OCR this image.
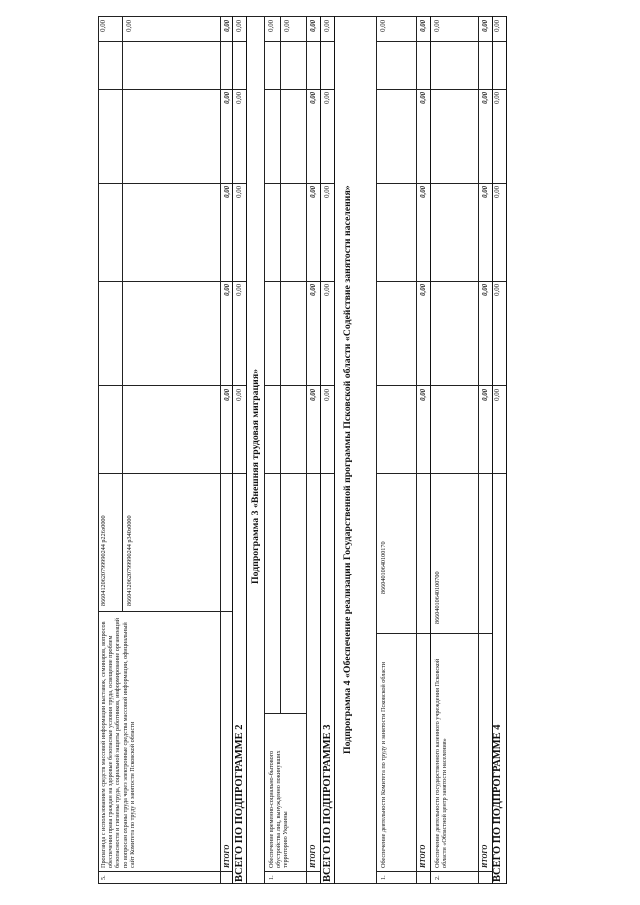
5.
Пропаганда с использованием средств массовой информации выставок, семинаров, вопросов обеспечения права граждан на здоровые безопасные условия труда, освещение проблем безопасности и гигиены труда, социальной защиты работников, информирование организаций по вопросам охраны труда через электронные средства массовой информации, официальный сайт Комитета по труду и занятости Псковской области
86604120620799990244 р226з0000	86604120620799990244 р340з0000
0,00	0,00
ИТОГО
0,00
0,00
0,00
0,00
0,00
ВСЕГО ПО ПОДПРОГРАММЕ 2
0,00
0,00
0,00
0,00
0,00
Подпрограмма 3 «Внешняя трудовая миграция»
1.
Обеспечение временно-социально-бытового обустройства лиц, вынужденно покинувших территорию Украины
0,00 0,00
ИТОГО
0,00
0,00
0,00
0,00
0,00
ВСЕГО ПО ПОДПРОГРАММЕ 3
0,00
0,00
0,00
0,00
0,00
Подпрограмма 4 «Обеспечение реализации Государственной программы Псковской области «Содействие занятости населения»
1.
Обеспечение деятельности Комитета по труду и занятости Псковской области
86604010640100170
0,00
ИТОГО
0,00
0,00
0,00
0,00
0,00
2.
Обеспечение деятельности государственного казенного учреждения Псковской области «Областной центр занятости населения»
86604010640100700
0,00
ИТОГО
0,00
0,00
0,00
0,00
0,00
ВСЕГО ПО ПОДПРОГРАММЕ 4
0,00
0,00
0,00
0,00
0,00
